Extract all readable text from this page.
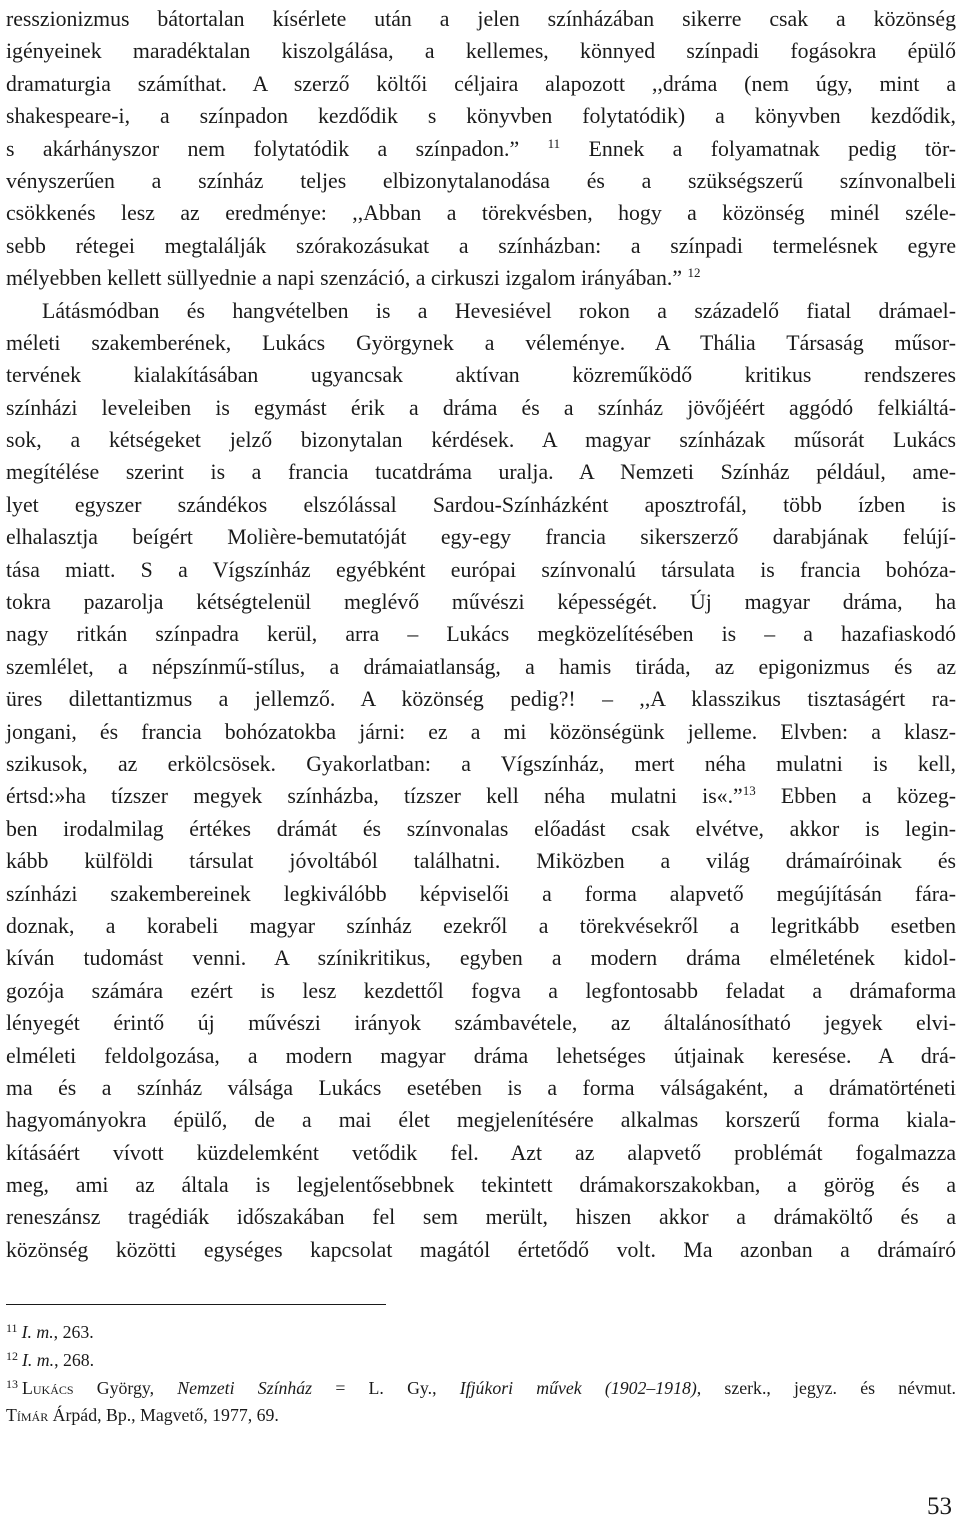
resszionizmus bátortalan kísérlete után a jelen színházában sikerre csak a közönség
igényeinek maradéktalan kiszolgálása, a kellemes, könnyed színpadi fogásokra épülő
dramaturgia számíthat. A szerző költői céljaira alapozott ,,dráma (nem úgy, mint a
shakespeare-i, a színpadon kezdődik s könyvben folytatódik) a könyvben kezdődik,
s akárhányszor nem folytatódik a színpadon.” $^{11}$ Ennek a folyamatnak pedig tör-
vényszerűen a színház teljes elbizonytalanodása és a szükségszerű színvonalbeli
csökkenés lesz az eredménye: ,,Abban a törekvésben, hogy a közönség minél széle-
sebb rétegei megtalálják szórakozásukat a színházban: a színpadi termelésnek egyre
mélyebben kellett süllyednie a napi szenzáció, a cirkuszi izgalom irányában.” $^{12}$
Látásmódban és hangvételben is a Hevesiével rokon a századelő fiatal drámael-
méleti szakemberének, Lukács Györgynek a véleménye. A Thália Társaság műsor-
tervének kialakításában ugyancsak aktívan közreműködő kritikus rendszeres
színházi leveleiben is egymást érik a dráma és a színház jövőjéért aggódó felkiáltá-
sok, a kétségeket jelző bizonytalan kérdések. A magyar színházak műsorát Lukács
megítélése szerint is a francia tucatdráma uralja. A Nemzeti Színház például, ame-
lyet egyszer szándékos elszólással Sardou-Színházként aposztrofál, több ízben is
elhalasztja beígért Molière-bemutatóját egy-egy francia sikerszerző darabjának felújí-
tása miatt. S a Vígszínház egyébként európai színvonalú társulata is francia bohóza-
tokra pazarolja kétségtelenül meglévő művészi képességét. Új magyar dráma, ha
nagy ritkán színpadra kerül, arra – Lukács megközelítésében is – a hazafiaskodó
szemlélet, a népszínmű-stílus, a drámaiatlanság, a hamis tiráda, az epigonizmus és az
üres dilettantizmus a jellemző. A közönség pedig?! – ,,A klasszikus tisztaságért ra-
jongani, és francia bohózatokba járni: ez a mi közönségünk jelleme. Elvben: a klasz-
szikusok, az erkölcsösek. Gyakorlatban: a Vígszínház, mert néha mulatni is kell,
értsd:»ha tízszer megyek színházba, tízszer kell néha mulatni is«.”$^{13}$ Ebben a közeg-
ben irodalmilag értékes drámát és színvonalas előadást csak elvétve, akkor is legin-
kább külföldi társulat jóvoltából találhatni. Miközben a világ drámaíróinak és
színházi szakembereinek legkiválóbb képviselői a forma alapvető megújításán fára-
doznak, a korabeli magyar színház ezekről a törekvésekről a legritkább esetben
kíván tudomást venni. A színikritikus, egyben a modern dráma elméletének kidol-
gozója számára ezért is lesz kezdettől fogva a legfontosabb feladat a drámaforma
lényegét érintő új művészi irányok számbavétele, az általánosítható jegyek elvi-
elméleti feldolgozása, a modern magyar dráma lehetséges útjainak keresése. A drá-
ma és a színház válsága Lukács esetében is a forma válságaként, a drámatörténeti
hagyományokra épülő, de a mai élet megjelenítésére alkalmas korszerű forma kiala-
kításáért vívott küzdelemként vetődik fel. Azt az alapvető problémát fogalmazza
meg, ami az általa is legjelentősebbnek tekintett drámakorszakokban, a görög és a
reneszánsz tragédiák időszakában fel sem merült, hiszen akkor a drámaköltő és a
közönség közötti egységes kapcsolat magától értetődő volt. Ma azonban a drámaíró
$^{11}$ I. m., 263.
$^{12}$ I. m., 268.
$^{13}$ Lukács György, Nemzeti Színház = L. Gy., Ifjúkori művek (1902–1918), szerk., jegyz. és névmut.
Tímár Árpád, Bp., Magvető, 1977, 69.
53
